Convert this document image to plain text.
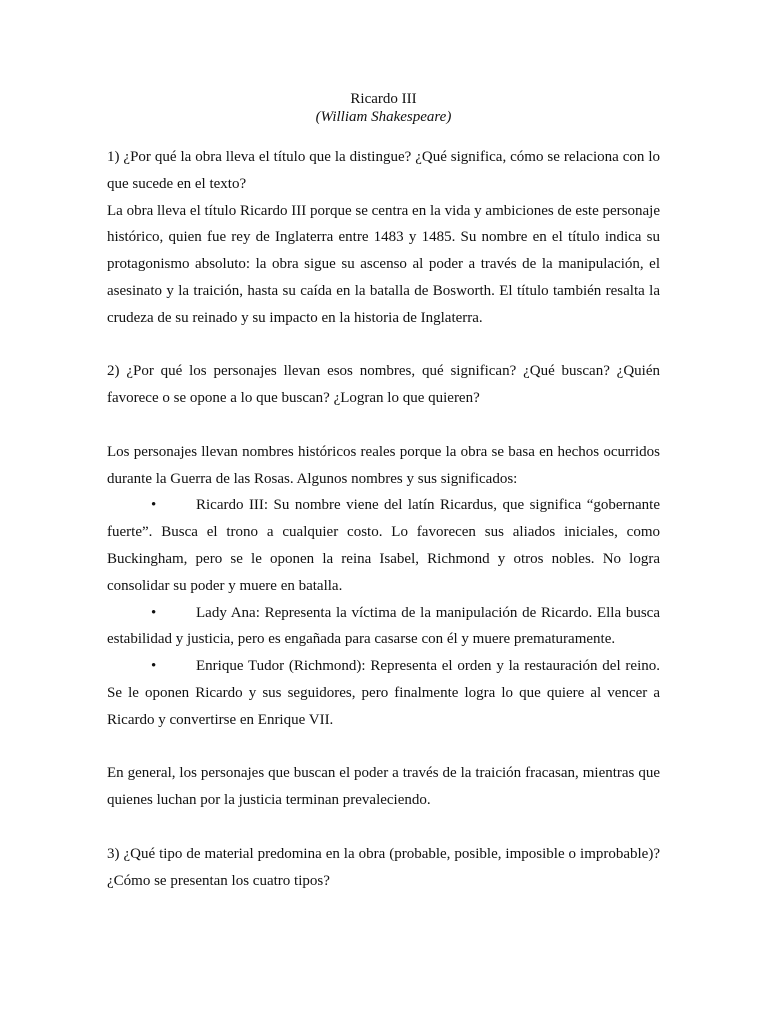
Ricardo III
(William Shakespeare)

1) ¿Por qué la obra lleva el título que la distingue? ¿Qué significa, cómo se relaciona con lo que sucede en el texto?

La obra lleva el título Ricardo III porque se centra en la vida y ambiciones de este personaje histórico, quien fue rey de Inglaterra entre 1483 y 1485. Su nombre en el título indica su protagonismo absoluto: la obra sigue su ascenso al poder a través de la manipulación, el asesinato y la traición, hasta su caída en la batalla de Bosworth. El título también resalta la crudeza de su reinado y su impacto en la historia de Inglaterra.

2) ¿Por qué los personajes llevan esos nombres, qué significan? ¿Qué buscan? ¿Quién favorece o se opone a lo que buscan? ¿Logran lo que quieren?

Los personajes llevan nombres históricos reales porque la obra se basa en hechos ocurridos durante la Guerra de las Rosas. Algunos nombres y sus significados:

•	Ricardo III: Su nombre viene del latín Ricardus, que significa “gobernante fuerte”. Busca el trono a cualquier costo. Lo favorecen sus aliados iniciales, como Buckingham, pero se le oponen la reina Isabel, Richmond y otros nobles. No logra consolidar su poder y muere en batalla.

•	Lady Ana: Representa la víctima de la manipulación de Ricardo. Ella busca estabilidad y justicia, pero es engañada para casarse con él y muere prematuramente.

•	Enrique Tudor (Richmond): Representa el orden y la restauración del reino. Se le oponen Ricardo y sus seguidores, pero finalmente logra lo que quiere al vencer a Ricardo y convertirse en Enrique VII.

En general, los personajes que buscan el poder a través de la traición fracasan, mientras que quienes luchan por la justicia terminan prevaleciendo.

3) ¿Qué tipo de material predomina en la obra (probable, posible, imposible o improbable)? ¿Cómo se presentan los cuatro tipos?
